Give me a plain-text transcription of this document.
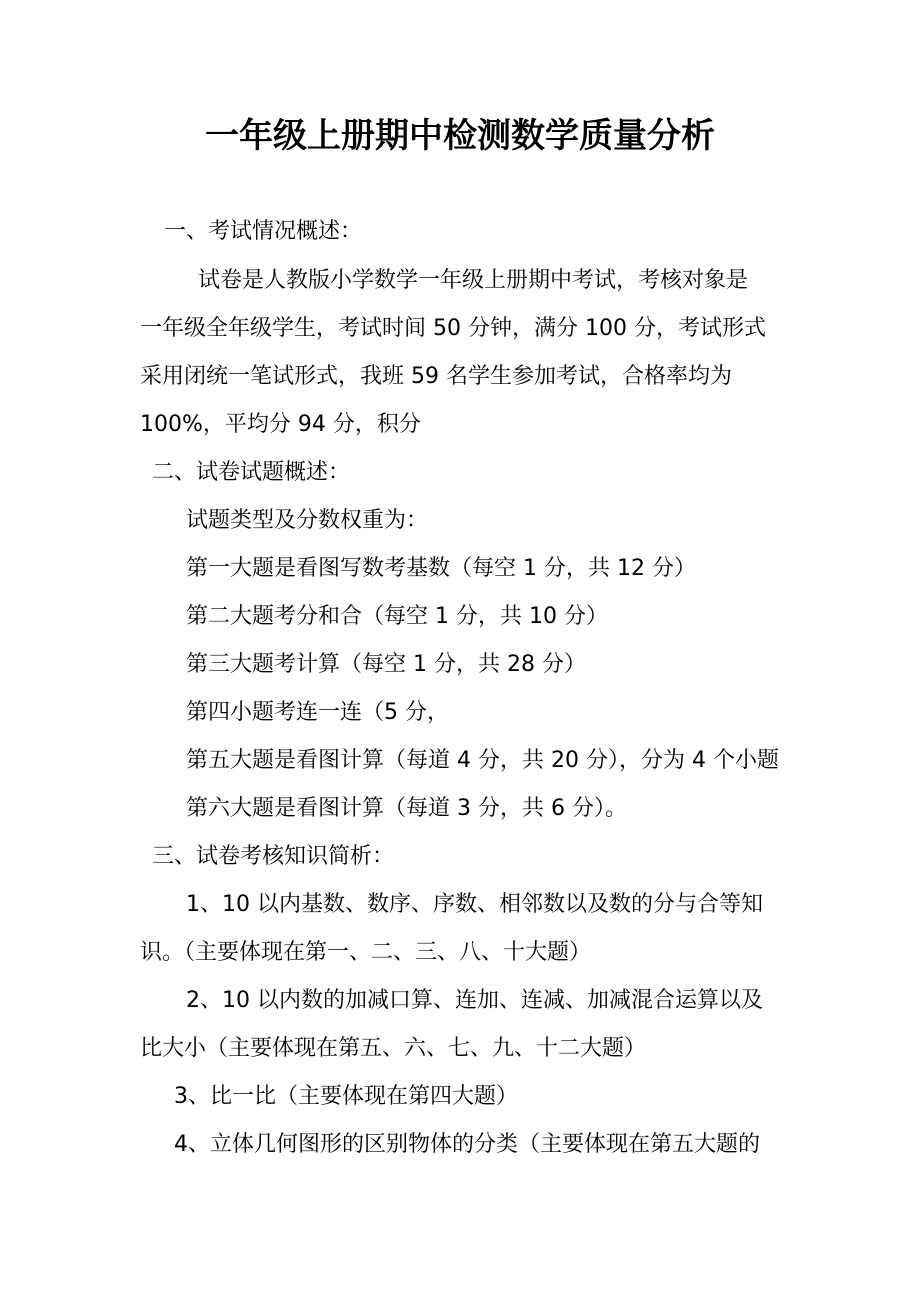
一年级上册期中检测数学质量分析
一、考试情况概述：
试卷是人教版小学数学一年级上册期中考试，考核对象是
一年级全年级学生，考试时间 50 分钟，满分 100 分，考试形式
采用闭统一笔试形式，我班 59 名学生参加考试，合格率均为
100%，平均分 94 分，积分
二、试卷试题概述：
试题类型及分数权重为：
第一大题是看图写数考基数（每空 1 分，共 12 分）
第二大题考分和合（每空 1 分，共 10 分）
第三大题考计算（每空 1 分，共 28 分）
第四小题考连一连（5 分，
第五大题是看图计算（每道 4 分，共 20 分），分为 4 个小题
第六大题是看图计算（每道 3 分，共 6 分）。
三、试卷考核知识简析：
1、10 以内基数、数序、序数、相邻数以及数的分与合等知
识。（主要体现在第一、二、三、八、十大题）
2、10 以内数的加减口算、连加、连减、加减混合运算以及
比大小（主要体现在第五、六、七、九、十二大题）
3、比一比（主要体现在第四大题）
4、立体几何图形的区别物体的分类（主要体现在第五大题的
